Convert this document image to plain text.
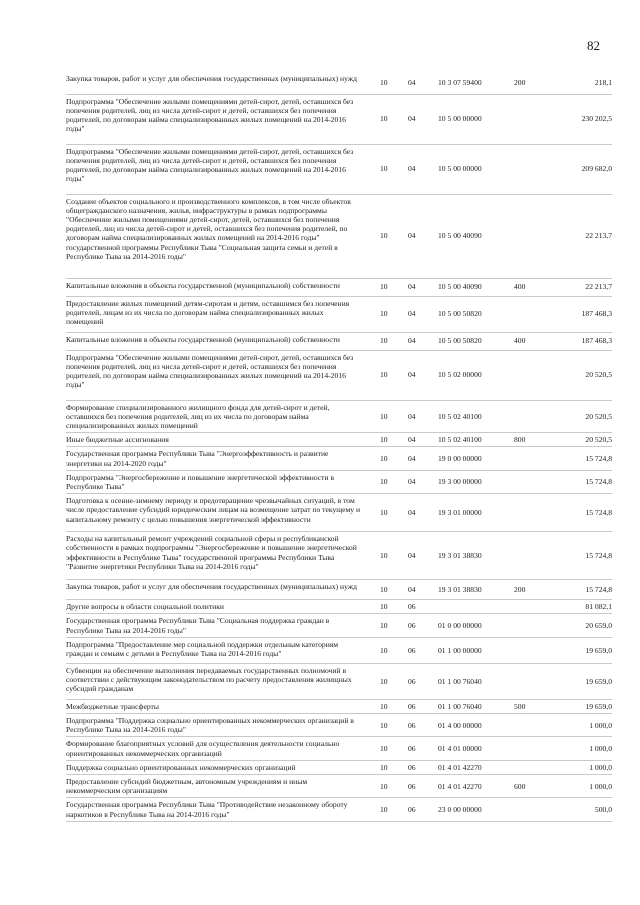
82
Закупка товаров, работ и услуг для обеспечения государственных (муниципальных) нужд	10	04	10 3 07 59400	200	218,1
Подпрограмма "Обеспечение жилыми помещениями детей-сирот, детей, оставшихся без попечения родителей, лиц из числа детей-сирот и детей, оставшихся без попечения родителей, по договорам найма специализированных жилых помещений на 2014-2016 годы"	10	04	10 5 00 00000		230 202,5
Подпрограмма "Обеспечение жилыми помещениями детей-сирот, детей, оставшихся без попечения родителей, лиц из числа детей-сирот и детей, оставшихся без попечения родителей, по договорам найма специализированных жилых помещений на 2014-2016 годы"	10	04	10 5 00 00000		209 682,0
Создание объектов социального и производственного комплексов, в том числе объектов общегражданского назначения, жилья, инфраструктуры в рамках подпрограммы "Обеспечение жилыми помещениями детей-сирот, детей, оставшихся без попечения родителей, лиц из числа детей-сирот и детей, оставшихся без попечения родителей, по договорам найма специализированных жилых помещений на 2014-2016 годы" государственной программы Республики Тыва "Социальная защита семьи и детей в Республике Тыва на 2014-2016 годы"	10	04	10 5 00 40090		22 213,7
Капитальные вложения в объекты государственной (муниципальной) собственности	10	04	10 5 00 40090	400	22 213,7
Предоставление жилых помещений детям-сиротам и детям, оставшимся без попечения родителей, лицам из их числа по договорам найма специализированных жилых помещений	10	04	10 5 00 50820		187 468,3
Капитальные вложения в объекты государственной (муниципальной) собственности	10	04	10 5 00 50820	400	187 468,3
Подпрограмма "Обеспечение жилыми помещениями детей-сирот, детей, оставшихся без попечения родителей, лиц из числа детей-сирот и детей, оставшихся без попечения родителей, по договорам найма специализированных жилых помещений на 2014-2016 годы"	10	04	10 5 02 00000		20 520,5
Формирование специализированного жилищного фонда для детей-сирот и детей, оставшихся без попечения родителей, лиц из их числа по договорам найма специализированных жилых помещений	10	04	10 5 02 40100		20 520,5
Иные бюджетные ассигнования	10	04	10 5 02 40100	800	20 520,5
Государственная программа Республики Тыва "Энергоэффективность и развитие энергетики на 2014-2020 годы"	10	04	19 0 00 00000		15 724,8
Подпрограмма "Энергосбережение и повышение энергетической эффективности в Республике Тыва"	10	04	19 3 00 00000		15 724,8
Подготовка к осенне-зимнему периоду и предотвращение чрезвычайных ситуаций, в том числе предоставление субсидий юридическим лицам на возмещение затрат по текущему и капитальному ремонту с целью повышения энергетической эффективности	10	04	19 3 01 00000		15 724,8
Расходы на капитальный ремонт учреждений социальной сферы и республиканской собственности в рамках подпрограммы "Энергосбережение и повышение энергетической эффективности в Республике Тыва" государственной программы Республики Тыва "Развитие энергетики Республики Тыва на 2014-2016 годы"	10	04	19 3 01 38830		15 724,8
Закупка товаров, работ и услуг для обеспечения государственных (муниципальных) нужд	10	04	19 3 01 38830	200	15 724,8
Другие вопросы в области социальной политики	10	06			81 082,1
Государственная программа Республики Тыва "Социальная поддержка граждан в Республике Тыва на 2014-2016 годы"	10	06	01 0 00 00000		20 659,0
Подпрограмма "Предоставление мер социальной поддержки отдельным категориям граждан и семьям с детьми в Республике Тыва на 2014-2016 годы"	10	06	01 1 00 00000		19 659,0
Субвенции на обеспечение выполнения передаваемых государственных полномочий в соответствии с действующим законодательством по расчету предоставления жилищных субсидий гражданам	10	06	01 1 00 76040		19 659,0
Межбюджетные трансферты	10	06	01 1 00 76040	500	19 659,0
Подпрограмма "Поддержка социально ориентированных некоммерческих организаций в Республике Тыва на 2014-2016 годы"	10	06	01 4 00 00000		1 000,0
Формирование благоприятных условий для осуществления деятельности социально ориентированных некоммерческих организаций	10	06	01 4 01 00000		1 000,0
Поддержка социально ориентированных некоммерческих организаций	10	06	01 4 01 42270		1 000,0
Предоставление субсидий бюджетным, автономным учреждениям и иным некоммерческим организациям	10	06	01 4 01 42270	600	1 000,0
Государственная программа Республики Тыва "Противодействие незаконному обороту наркотиков в Республике Тыва на 2014-2016 годы"	10	06	23 0 00 00000		500,0
